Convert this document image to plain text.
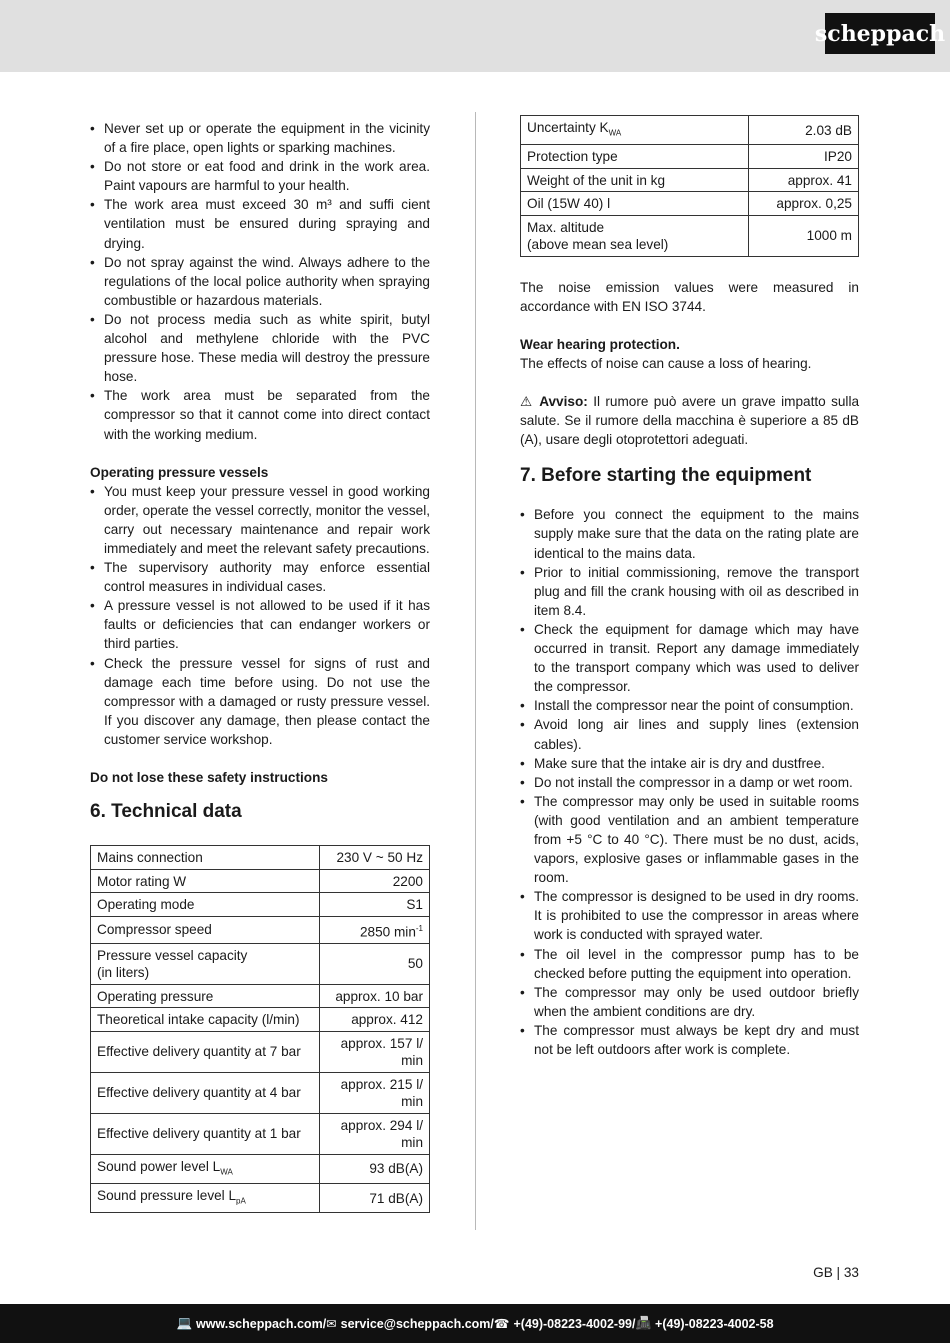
scheppach
• Never set up or operate the equipment in the vicinity of a fire place, open lights or sparking machines.
• Do not store or eat food and drink in the work area. Paint vapours are harmful to your health.
• The work area must exceed 30 m³ and suffi cient ventilation must be ensured during spraying and drying.
• Do not spray against the wind. Always adhere to the regulations of the local police authority when spraying combustible or hazardous materials.
• Do not process media such as white spirit, butyl alcohol and methylene chloride with the PVC pressure hose. These media will destroy the pressure hose.
• The work area must be separated from the compressor so that it cannot come into direct contact with the working medium.

Operating pressure vessels

• You must keep your pressure vessel in good working order, operate the vessel correctly, monitor the vessel, carry out necessary maintenance and repair work immediately and meet the relevant safety precautions.
• The supervisory authority may enforce essential control measures in individual cases.
• A pressure vessel is not allowed to be used if it has faults or deficiencies that can endanger workers or third parties.
• Check the pressure vessel for signs of rust and damage each time before using. Do not use the compressor with a damaged or rusty pressure vessel. If you discover any damage, then please contact the customer service workshop.

Do not lose these safety instructions

6. Technical data
Mains connection	230 V ~ 50 Hz
Motor rating W	2200
Operating mode	S1
Compressor speed	2850 $\min^{-1}$
Pressure vessel capacity
(in liters)	50
Operating pressure	approx. 10 bar
Theoretical intake capacity (l/min)	approx. 412
Effective delivery quantity at 7 bar	approx. 157 l/ min
Effective delivery quantity at 4 bar	approx. 215 l/ min
Effective delivery quantity at 1 bar	approx. 294 l/ min
Sound power level $L_{WA}$	93 dB(A)
Sound pressure level $L_{pA}$	71 dB(A)
Uncertainty $K_{WA}$	2.03 dB
Protection type	IP20
Weight of the unit in kg	approx. 41
Oil (15W 40) l	approx. 0,25
Max. altitude
(above mean sea level)	1000 m

The noise emission values were measured in accordance with EN ISO 3744.

Wear hearing protection.

The effects of noise can cause a loss of hearing.

⚠ Avviso: Il rumore può avere un grave impatto sulla salute. Se il rumore della macchina è superiore a 85 dB (A), usare degli otoprotettori adeguati.

7. Before starting the equipment
• Before you connect the equipment to the mains supply make sure that the data on the rating plate are identical to the mains data.
• Prior to initial commissioning, remove the transport plug and fill the crank housing with oil as described in item 8.4.
• Check the equipment for damage which may have occurred in transit. Report any damage immediately to the transport company which was used to deliver the compressor.
• Install the compressor near the point of consumption.
• Avoid long air lines and supply lines (extension cables).
• Make sure that the intake air is dry and dustfree.
• Do not install the compressor in a damp or wet room.
• The compressor may only be used in suitable rooms (with good ventilation and an ambient temperature from +5 °C to 40 °C). There must be no dust, acids, vapors, explosive gases or inflammable gases in the room.
• The compressor is designed to be used in dry rooms. It is prohibited to use the compressor in areas where work is conducted with sprayed water.
• The oil level in the compressor pump has to be checked before putting the equipment into operation.
• The compressor may only be used outdoor briefly when the ambient conditions are dry.
• The compressor must always be kept dry and must not be left outdoors after work is complete.
GB | 33
💻 www.scheppach.com / ✉ service@scheppach.com / ☎ +(49)-08223-4002-99 / 📠 +(49)-08223-4002-58
